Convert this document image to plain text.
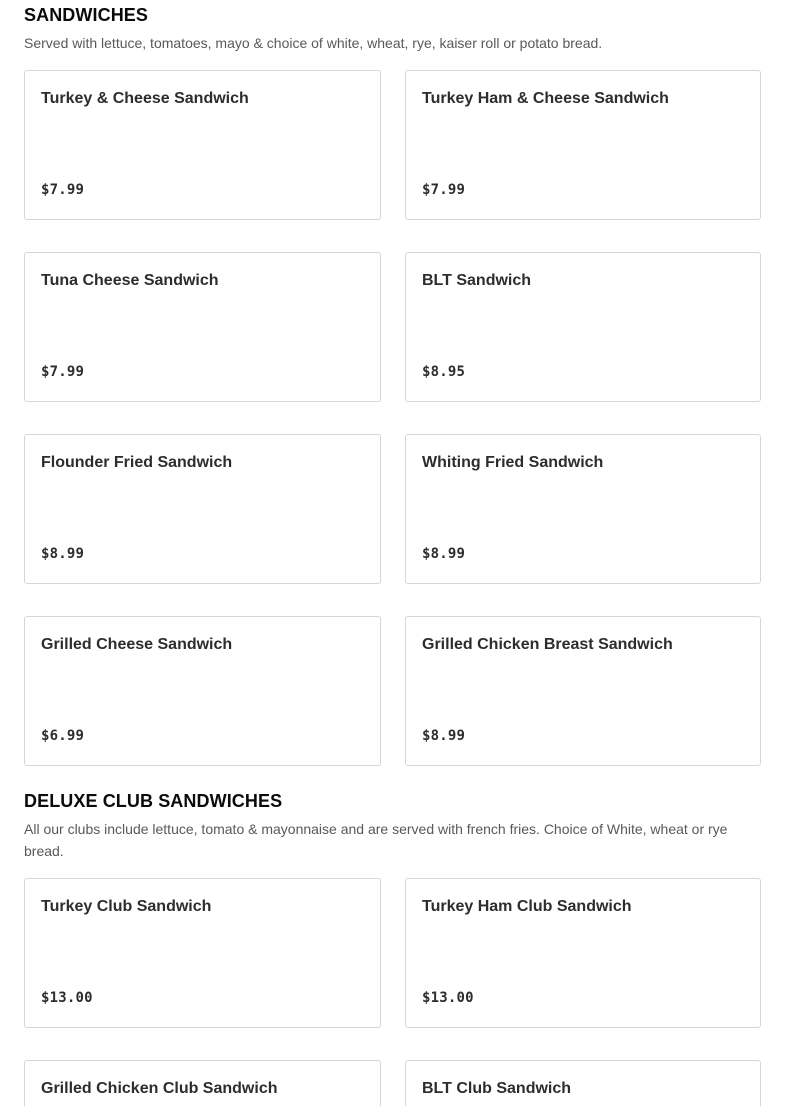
SANDWICHES

Served with lettuce, tomatoes, mayo & choice of white, wheat, rye, kaiser roll or potato bread.

Turkey & Cheese Sandwich
$7.99
Turkey Ham & Cheese Sandwich
$7.99
Tuna Cheese Sandwich
$7.99
BLT Sandwich
$8.95
Flounder Fried Sandwich
$8.99
Whiting Fried Sandwich
$8.99
Grilled Cheese Sandwich
$6.99
Grilled Chicken Breast Sandwich
$8.99
DELUXE CLUB SANDWICHES

All our clubs include lettuce, tomato & mayonnaise and are served with french fries. Choice of White, wheat or rye bread.

Turkey Club Sandwich
$13.00
Turkey Ham Club Sandwich
$13.00
Grilled Chicken Club Sandwich	BLT Club Sandwich
